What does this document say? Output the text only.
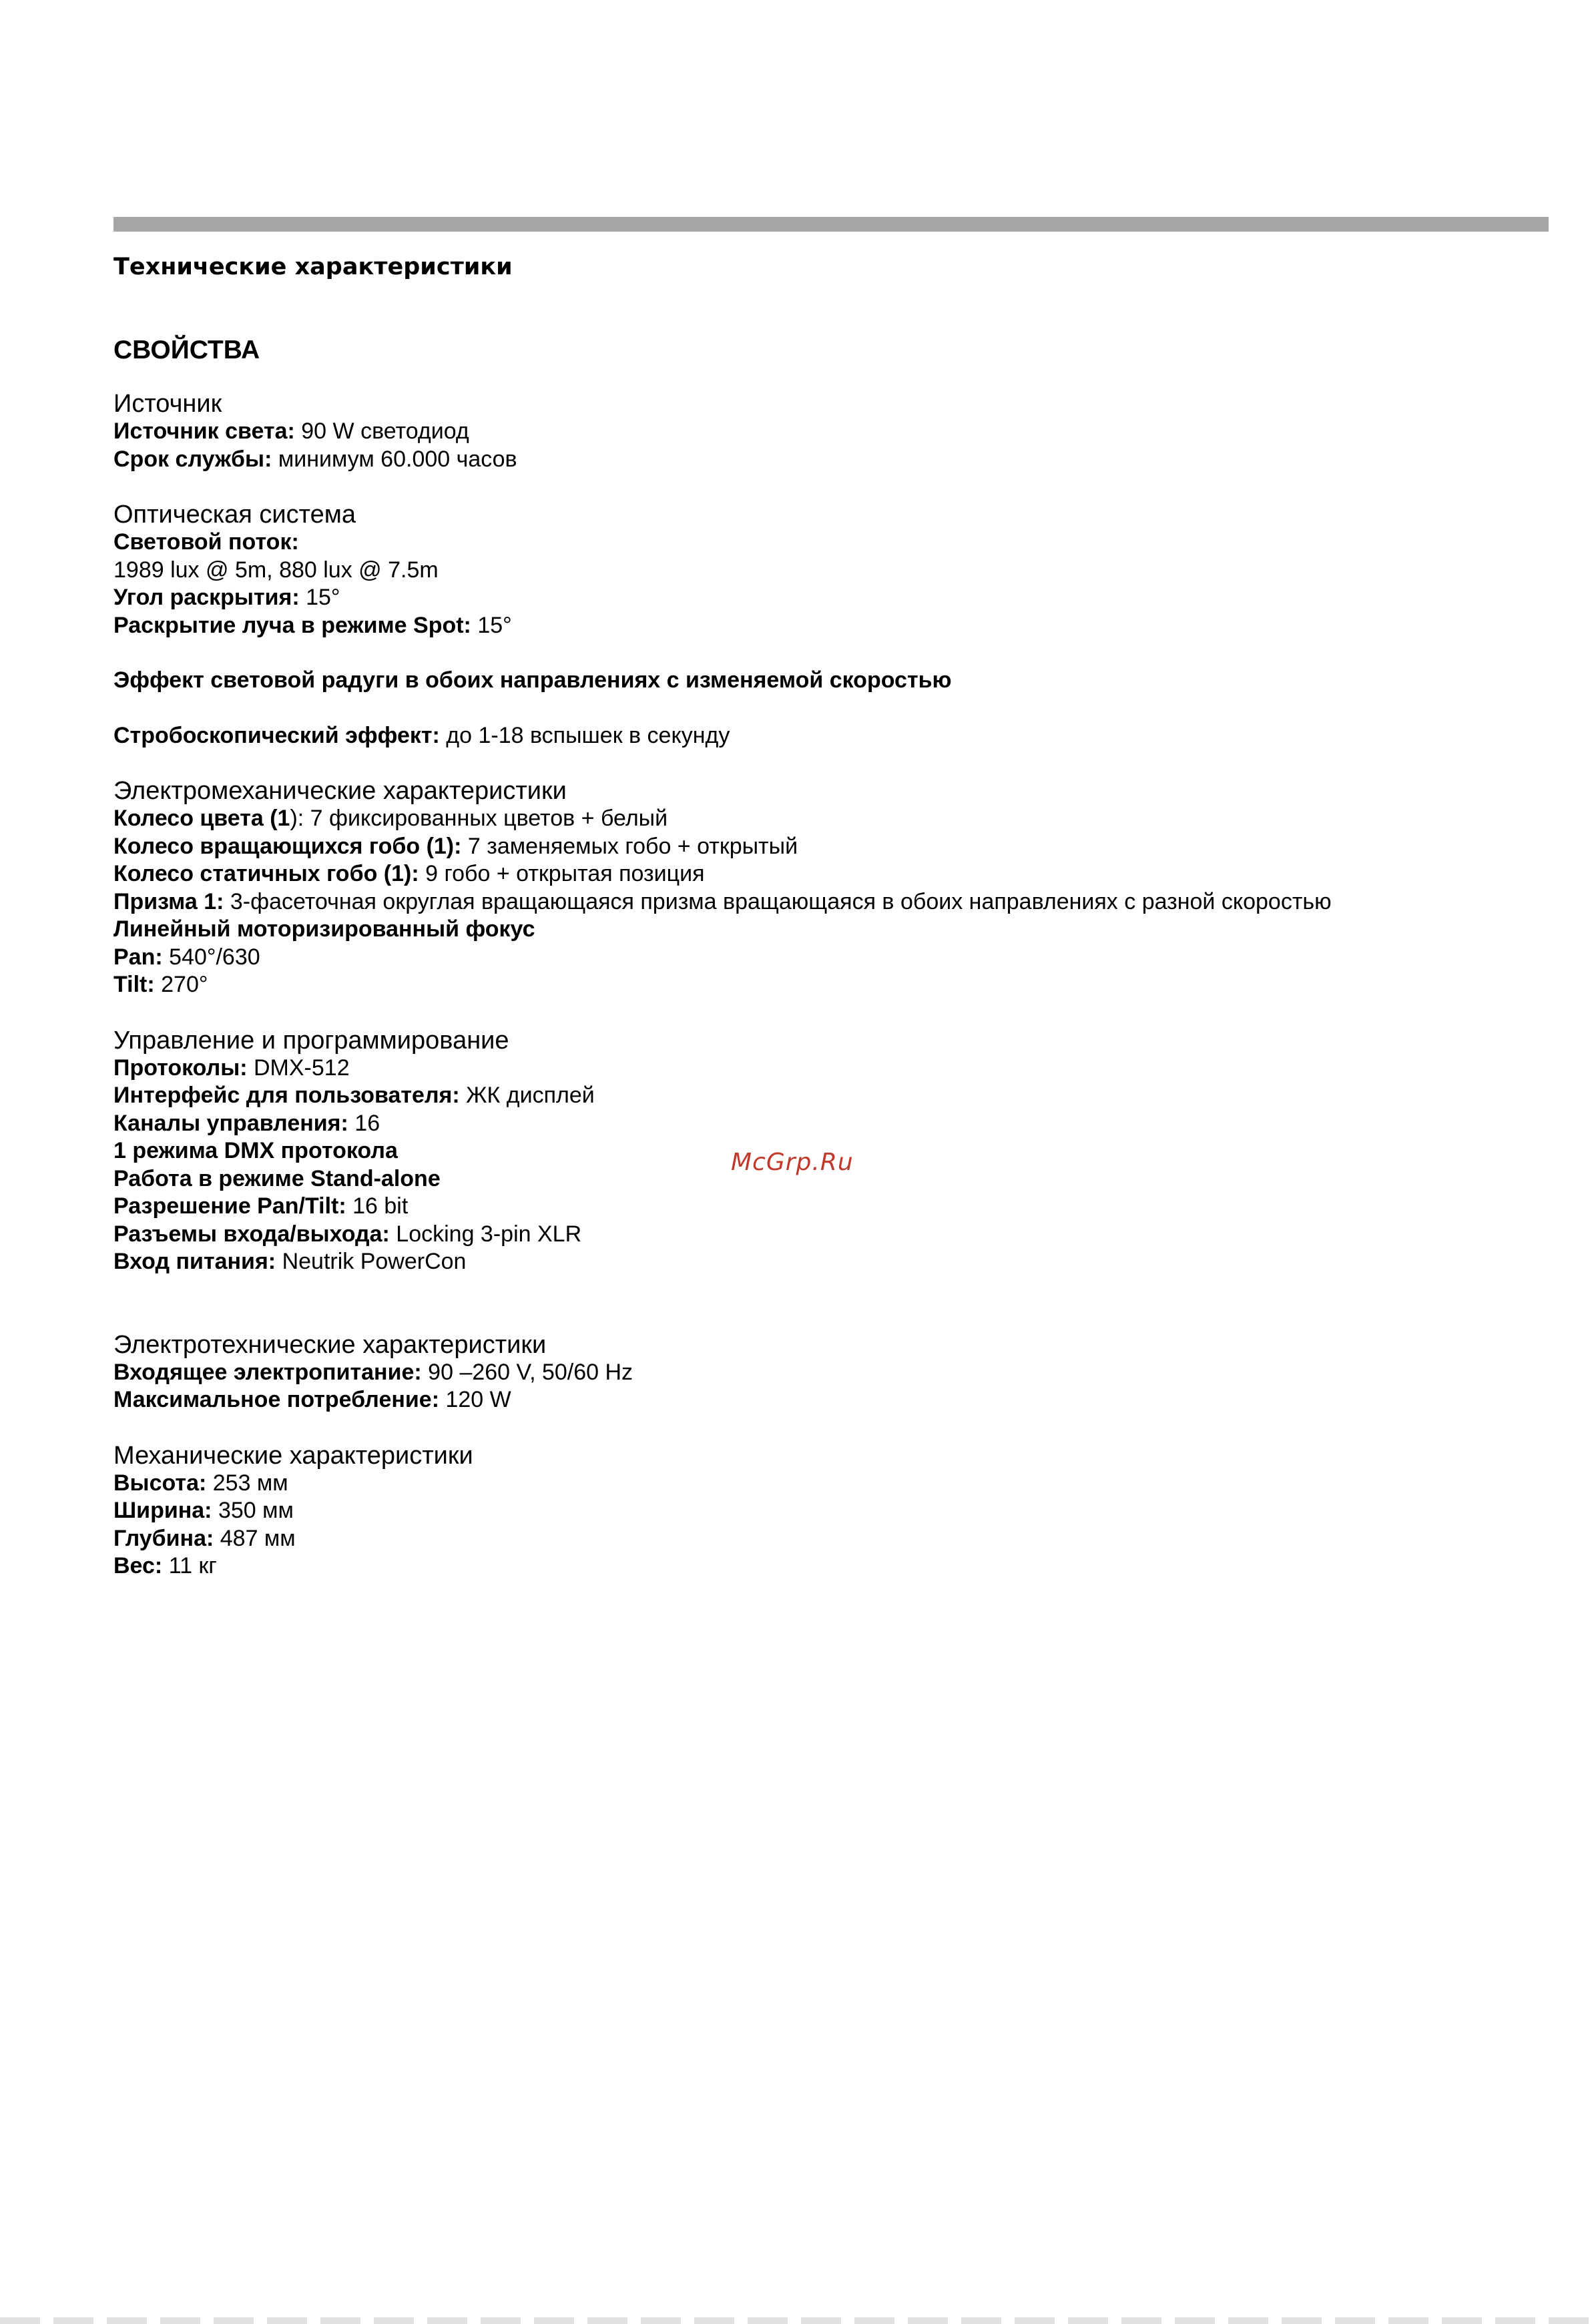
Технические характеристики
СВОЙСТВА
Источник
Источник света: 90 W светодиод
Срок службы: минимум 60.000 часов
Оптическая система
Световой поток:
1989 lux @ 5m, 880 lux @ 7.5m
Угол раскрытия: 15°
Раскрытие луча в режиме Spot: 15°
Эффект световой радуги в обоих направлениях с изменяемой скоростью
Стробоскопический эффект: до 1-18 вспышек в секунду
Электромеханические характеристики
Колесо цвета (1): 7 фиксированных цветов + белый
Колесо вращающихся гобо (1): 7 заменяемых гобо + открытый
Колесо статичных гобо (1): 9 гобо + открытая позиция
Призма 1: 3-фасеточная округлая вращающаяся призма вращающаяся в обоих направлениях с разной скоростью
Линейный моторизированный фокус
Pan: 540°/630
Tilt: 270°
Управление и программирование
Протоколы: DMX-512
Интерфейс для пользователя: ЖК дисплей
Каналы управления: 16
1 режима DMX протокола
Работа в режиме Stand-alone
Разрешение Pan/Tilt: 16 bit
Разъемы входа/выхода: Locking 3-pin XLR
Вход питания: Neutrik PowerCon
Электротехнические характеристики
Входящее электропитание: 90 –260 V, 50/60 Hz
Максимальное потребление: 120 W
Механические характеристики
Высота: 253 мм
Ширина: 350 мм
Глубина: 487 мм
Вес: 11 кг
McGrp.Ru
